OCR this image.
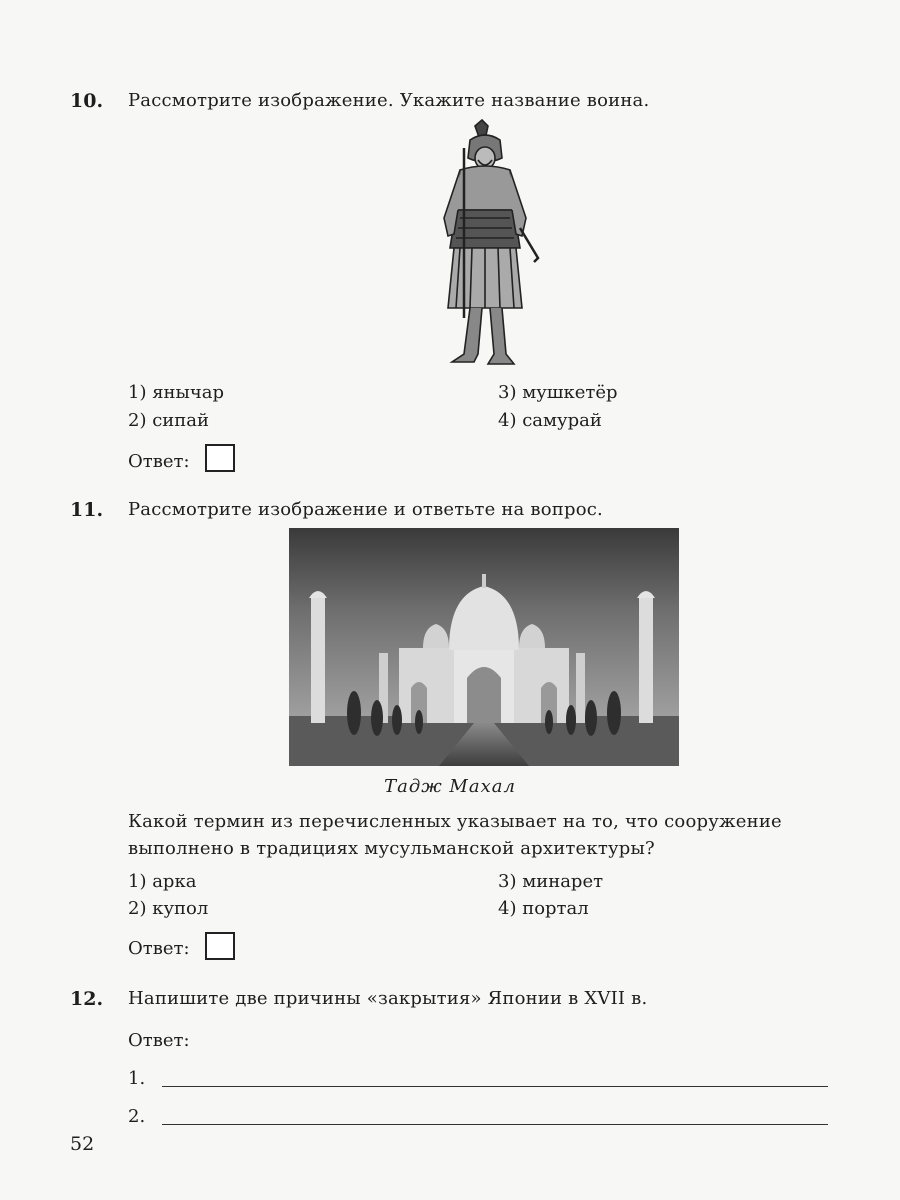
10. Рассмотрите изображение. Укажите название воина.
1) янычар	3) мушкетёр
2) сипай	4) самурай
Ответ:
11. Рассмотрите изображение и ответьте на вопрос.
Тадж Махал
Какой термин из перечисленных указывает на то, что сооружение
выполнено в традициях мусульманской архитектуры?
1) арка	3) минарет
2) купол	4) портал
Ответ:
12. Напишите две причины «закрытия» Японии в XVII в.
Ответ:
1.
2.
52
